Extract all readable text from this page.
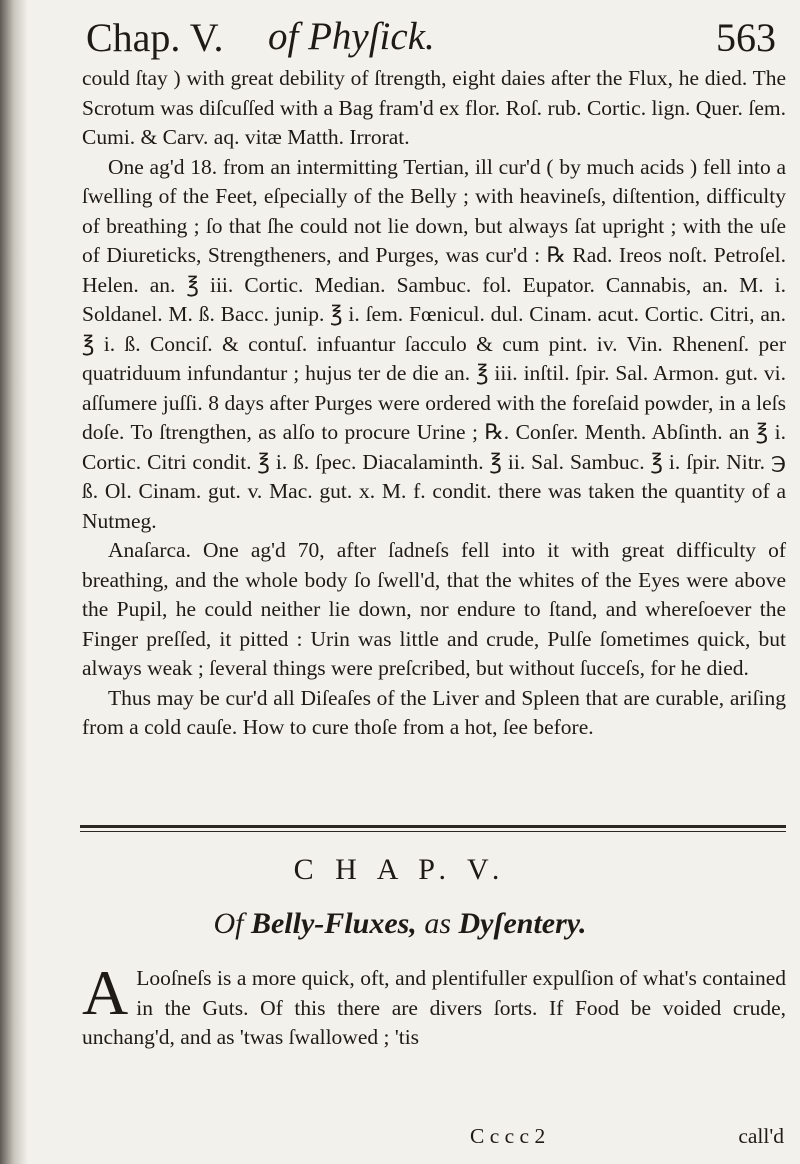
Chap. V. of Phyſick.	563

could ſtay ) with great debility of ſtrength, eight daies after the Flux, he died. The Scrotum was diſcuſſed with a Bag fram'd ex flor. Roſ. rub. Cortic. lign. Quer. ſem. Cumi. & Carv. aq. vitæ Matth. Irrorat.

One ag'd 18. from an intermitting Tertian, ill cur'd ( by much acids ) fell into a ſwelling of the Feet, eſpecially of the Belly ; with heavineſs, diſtention, difficulty of breathing ; ſo that ſhe could not lie down, but always ſat upright ; with the uſe of Diureticks, Strengtheners, and Purges, was cur'd : ℞ Rad. Ireos noſt. Petroſel. Helen. an. ℥ iii. Cortic. Median. Sambuc. fol. Eupator. Cannabis, an. M. i. Soldanel. M. ß. Bacc. junip. ℥ i. ſem. Fœnicul. dul. Cinam. acut. Cortic. Citri, an. ℥ i. ß. Conciſ. & contuſ. infuantur ſacculo & cum pint. iv. Vin. Rhenenſ. per quatriduum infundantur ; hujus ter de die an. ℥ iii. inſtil. ſpir. Sal. Armon. gut. vi. aſſumere juſſi. 8 days after Purges were ordered with the foreſaid powder, in a leſs doſe. To ſtrengthen, as alſo to procure Urine ; ℞. Conſer. Menth. Abſinth. an ℥ i. Cortic. Citri condit. ℥ i. ß. ſpec. Diacalaminth. ℥ ii. Sal. Sambuc. ℥ i. ſpir. Nitr. ℈ ß. Ol. Cinam. gut. v. Mac. gut. x. M. f. condit. there was taken the quantity of a Nutmeg.

Anaſarca. One ag'd 70, after ſadneſs fell into it with great difficulty of breathing, and the whole body ſo ſwell'd, that the whites of the Eyes were above the Pupil, he could neither lie down, nor endure to ſtand, and whereſoever the Finger preſſed, it pitted : Urin was little and crude, Pulſe ſometimes quick, but always weak ; ſeveral things were preſcribed, but without ſucceſs, for he died.

Thus may be cur'd all Diſeaſes of the Liver and Spleen that are curable, ariſing from a cold cauſe. How to cure thoſe from a hot, ſee before.

C H A P. V.
Of Belly-Fluxes, as Dyſentery.

A Looſneſs is a more quick, oft, and plentifuller expulſion of what's contained in the Guts. Of this there are divers ſorts. If Food be voided crude, unchang'd, and as 'twas ſwallowed ; 'tis

C c c c 2	call'd
